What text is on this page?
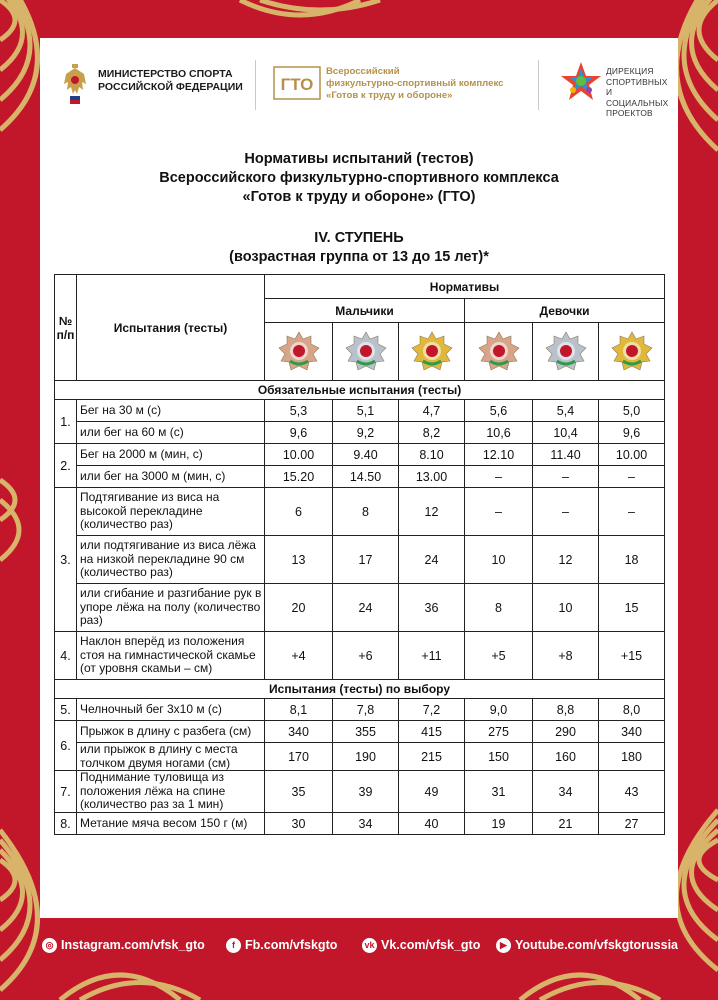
МИНИСТЕРСТВО СПОРТА
РОССИЙСКОЙ ФЕДЕРАЦИИ	ГТО
Всероссийский
физкультурно-спортивный комплекс
«Готов к труду и обороне»
ДИРЕКЦИЯ
СПОРТИВНЫХ
И СОЦИАЛЬНЫХ
ПРОЕКТОВ
Нормативы испытаний (тестов)
Всероссийского физкультурно-спортивного комплекса
«Готов к труду и обороне» (ГТО)
IV. СТУПЕНЬ
(возрастная группа от 13 до 15 лет)*
№
п/п	Испытания (тесты)	Нормативы					
		Мальчики			Девочки		

Обязательные испытания (тесты)							
1.	Бег на 30 м (с)	5,3	5,1	4,7	5,6	5,4	5,0
	или бег на 60 м (с)	9,6	9,2	8,2	10,6	10,4	9,6
2.	Бег на 2000 м (мин, с)	10.00	9.40	8.10	12.10	11.40	10.00
	или бег на 3000 м (мин, с)	15.20	14.50	13.00	–	–	–
3.	Подтягивание из виса на высокой перекладине (количество раз)	6	8	12	–	–	–
	или подтягивание из виса лёжа на низкой перекладине 90 см (количество раз)	13	17	24	10	12	18
	или сгибание и разгибание рук в упоре лёжа на полу (количество раз)	20	24	36	8	10	15
4.	Наклон вперёд из положения стоя на гимнастической скамье (от уровня скамьи – см)	+4	+6	+11	+5	+8	+15
Испытания (тесты) по выбору							
5.	Челночный бег 3х10 м (с)	8,1	7,8	7,2	9,0	8,8	8,0
6.	Прыжок в длину с разбега (см)	340	355	415	275	290	340
	или прыжок в длину с места толчком двумя ногами (см)	170	190	215	150	160	180
7.	Поднимание туловища из положения лёжа на спине (количество раз за 1 мин)	35	39	49	31	34	43
8.	Метание мяча весом 150 г (м)	30	34	40	19	21	27
◎ Instagram.com/vfsk_gto	f Fb.com/vfskgto	vk Vk.com/vfsk_gto	▶ Youtube.com/vfskgtorussia
